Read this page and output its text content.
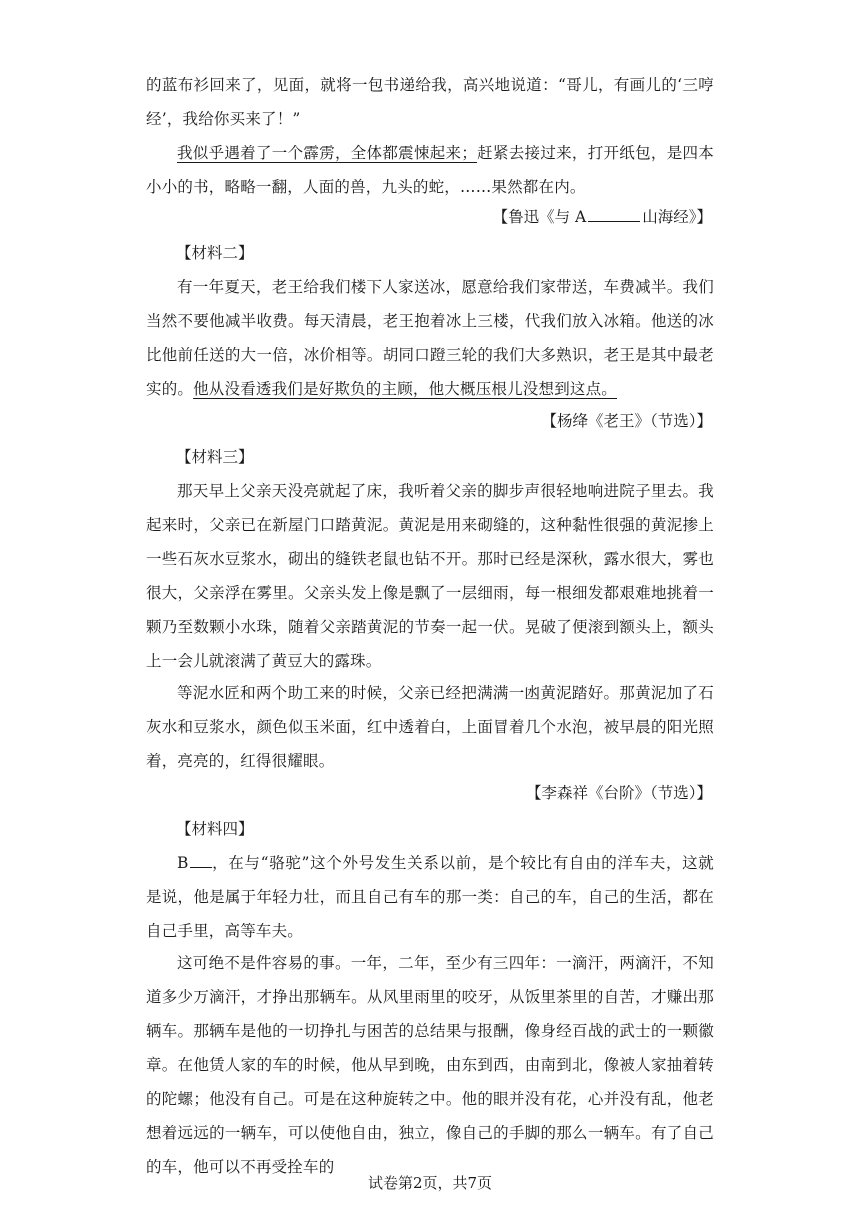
的蓝布衫回来了，见面，就将一包书递给我，高兴地说道：“哥儿，有画儿的‘三哼经’，我给你买来了！”

我似乎遇着了一个霹雳，全体都震悚起来；赶紧去接过来，打开纸包，是四本小小的书，略略一翻，人面的兽，九头的蛇，……果然都在内。

【鲁迅《与 A	山海经》】
【材料二】

有一年夏天，老王给我们楼下人家送冰，愿意给我们家带送，车费减半。我们当然不要他减半收费。每天清晨，老王抱着冰上三楼，代我们放入冰箱。他送的冰比他前任送的大一倍，冰价相等。胡同口蹬三轮的我们大多熟识，老王是其中最老实的。他从没看透我们是好欺负的主顾，他大概压根儿没想到这点。

【杨绛《老王》（节选）】
【材料三】

那天早上父亲天没亮就起了床，我听着父亲的脚步声很轻地响进院子里去。我起来时，父亲已在新屋门口踏黄泥。黄泥是用来砌缝的，这种黏性很强的黄泥掺上一些石灰水豆浆水，砌出的缝铁老鼠也钻不开。那时已经是深秋，露水很大，雾也很大，父亲浮在雾里。父亲头发上像是飘了一层细雨，每一根细发都艰难地挑着一颗乃至数颗小水珠，随着父亲踏黄泥的节奏一起一伏。晃破了便滚到额头上，额头上一会儿就滚满了黄豆大的露珠。

等泥水匠和两个助工来的时候，父亲已经把满满一凼黄泥踏好。那黄泥加了石灰水和豆浆水，颜色似玉米面，红中透着白，上面冒着几个水泡，被早晨的阳光照着，亮亮的，红得很耀眼。

【李森祥《台阶》（节选）】
【材料四】

B ，在与“骆驼”这个外号发生关系以前，是个较比有自由的洋车夫，这就是说，他是属于年轻力壮，而且自己有车的那一类：自己的车，自己的生活，都在自己手里，高等车夫。

这可绝不是件容易的事。一年，二年，至少有三四年：一滴汗，两滴汗，不知道多少万滴汗，才挣出那辆车。从风里雨里的咬牙，从饭里茶里的自苦，才赚出那辆车。那辆车是他的一切挣扎与困苦的总结果与报酬，像身经百战的武士的一颗徽章。在他赁人家的车的时候，他从早到晚，由东到西，由南到北，像被人家抽着转的陀螺；他没有自己。可是在这种旋转之中。他的眼并没有花，心并没有乱，他老想着远远的一辆车，可以使他自由，独立，像自己的手脚的那么一辆车。有了自己的车，他可以不再受拴车的

试卷第2页，共7页
